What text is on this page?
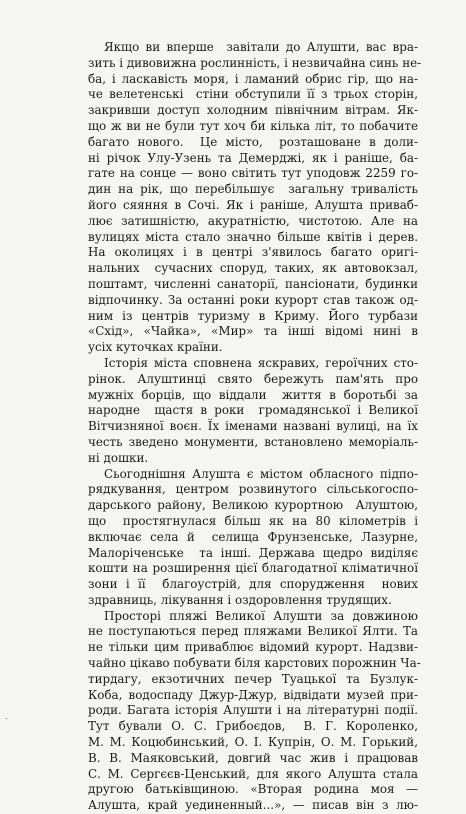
Якщо ви вперше  завітали до Алушти, вас вра-
зить і дивовижна рослинність, і незвичайна синь не-
ба, і ласкавість моря, і ламаний обрис гір, що на-
че велетенські  стіни обступили її з трьох сторін,
закривши доступ холодним північним вітрам. Як-
що ж ви не були тут хоч би кілька літ, то побачите
багато нового.  Це місто,  розташоване в доли-
ні річок Улу-Узень та Демерджі, як і раніше, ба-
гате на сонце — воно світить тут уподовж 2259 го-
дин на рік, що перебільшує  загальну тривалість
його сяяння в Сочі. Як і раніше, Алушта приваб-
лює затишністю, акуратністю, чистотою. Але на
вулицях міста стало значно більше квітів і дерев.
На околицях і в центрі з'явилось багато оригі-
нальних  сучасних споруд, таких, як автовокзал,
поштамт, численні санаторії, пансіонати, будинки
відпочинку. За останні роки курорт став також од-
ним із центрів туризму в Криму. Його турбази
«Схід», «Чайка», «Мир» та інші відомі нині в
усіх куточках країни.
Історія міста сповнена яскравих, героїчних сто-
рінок. Алуштинці свято бережуть пам'ять про
мужніх борців, що віддали  життя в боротьбі за
народне  щастя в роки  громадянської і Великої
Вітчизняної воєн. Їх іменами названі вулиці, на їх
честь зведено монументи, встановлено меморіаль-
ні дошки.
Сьогоднішня Алушта є містом обласного підпо-
рядкування, центром розвинутого сільськогоспо-
дарського району, Великою курортною  Алуштою,
що  простягнулася більш як на 80 кілометрів і
включає села й  селища Фрунзенське, Лазурне,
Малоріченське  та інші. Держава щедро виділяє
кошти на розширення цієї благодатної кліматичної
зони і її  благоустрій, для спорудження  нових
здравниць, лікування і оздоровлення трудящих.
Просторі пляжі Великої Алушти за довжиною
не поступаються перед пляжами Великої Ялти. Та
не тільки цим приваблює відомий курорт. Надзви-
чайно цікаво побувати біля карстових порожнин Ча-
тирдагу, екзотичних печер Туацької та Бузлук-
Коба, водоспаду Джур-Джур, відвідати музей при-
роди. Багата історія Алушти і на літературні події.
Тут бували О. С. Грибоєдов,  В. Г. Короленко,
М. М. Коцюбинський, О. І. Купрін, О. М. Горький,
В. В. Маяковський, довгий час жив і працював
С. М. Сергєєв-Ценський, для якого Алушта стала
другою батьківщиною. «Вторая родина моя —
Алушта, край уединенный...», — писав він з лю-
·
